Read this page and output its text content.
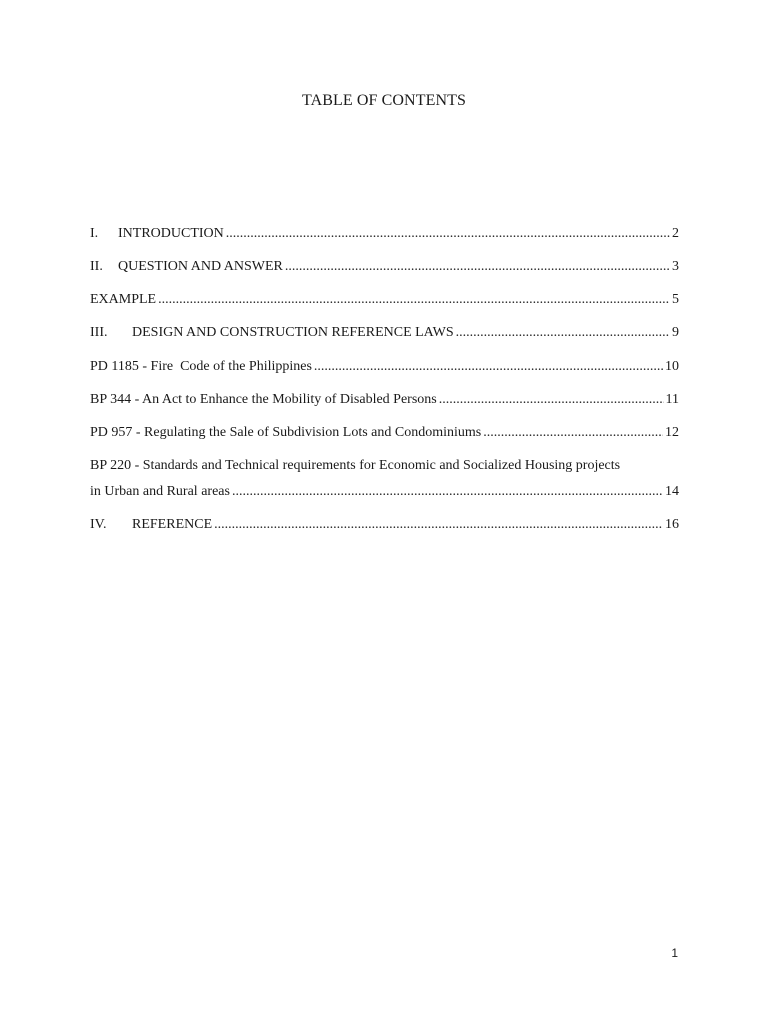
TABLE OF CONTENTS
I.	INTRODUCTION .....	2
II.	QUESTION AND ANSWER .....	3
EXAMPLE .....	5
III.	DESIGN AND CONSTRUCTION REFERENCE LAWS .....	9
PD 1185 - Fire  Code of the Philippines .....	10
BP 344 - An Act to Enhance the Mobility of Disabled Persons .....	11
PD 957 - Regulating the Sale of Subdivision Lots and Condominiums .....	12
BP 220 - Standards and Technical requirements for Economic and Socialized Housing projects
in Urban and Rural areas .....	14
IV.	REFERENCE .....	16
1
